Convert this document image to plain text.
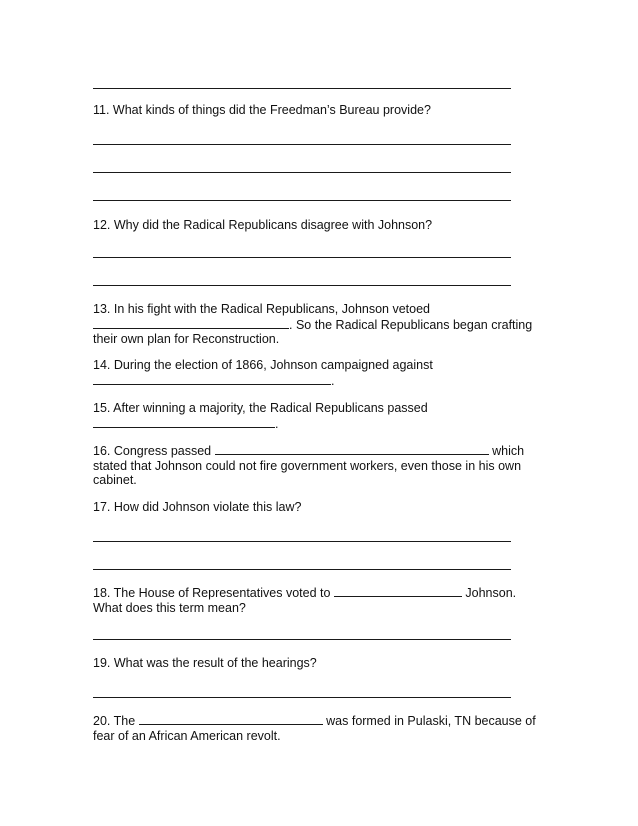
11. What kinds of things did the Freedman’s Bureau provide?
12. Why did the Radical Republicans disagree with Johnson?
13. In his fight with the Radical Republicans, Johnson vetoed
. So the Radical Republicans began crafting
their own plan for Reconstruction.
14. During the election of 1866, Johnson campaigned against
.
15. After winning a majority, the Radical Republicans passed
.
16. Congress passed	which
stated that Johnson could not fire government workers, even those in his own
cabinet.
17. How did Johnson violate this law?
18. The House of Representatives voted to	Johnson.
What does this term mean?
19. What was the result of the hearings?
20. The	was formed in Pulaski, TN because of
fear of an African American revolt.
